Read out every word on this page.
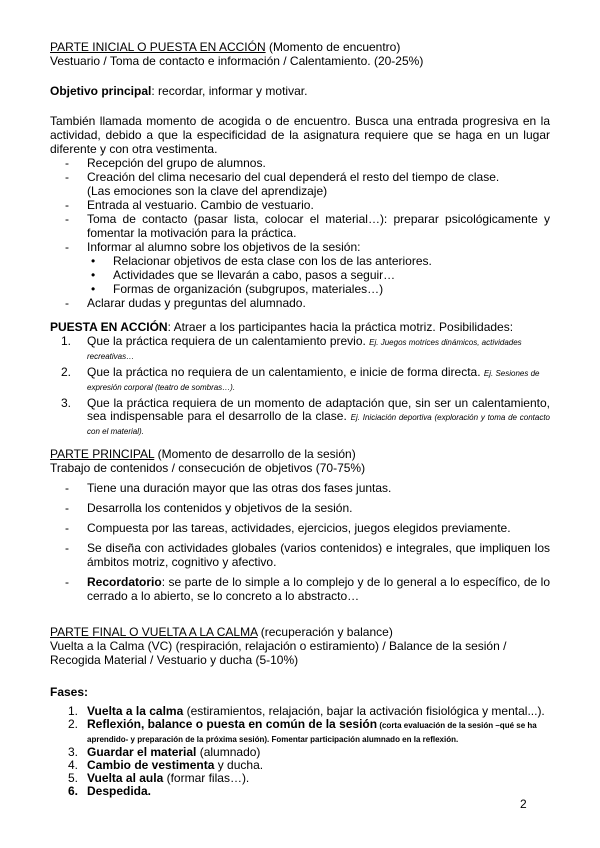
PARTE INICIAL O PUESTA EN ACCIÓN (Momento de encuentro)

Vestuario / Toma de contacto e información / Calentamiento. (20-25%)

Objetivo principal: recordar, informar y motivar.

También llamada momento de acogida o de encuentro. Busca una entrada progresiva en la actividad, debido a que la especificidad de la asignatura requiere que se haga en un lugar diferente y con otra vestimenta.

- Recepción del grupo de alumnos.
- Creación del clima necesario del cual dependerá el resto del tiempo de clase.
(Las emociones son la clave del aprendizaje)
- Entrada al vestuario. Cambio de vestuario.
- Toma de contacto (pasar lista, colocar el material…): preparar psicológicamente y fomentar la motivación para la práctica.
- Informar al alumno sobre los objetivos de la sesión:
• Relacionar objetivos de esta clase con los de las anteriores.
• Actividades que se llevarán a cabo, pasos a seguir…
• Formas de organización (subgrupos, materiales…)
- Aclarar dudas y preguntas del alumnado.

PUESTA EN ACCIÓN: Atraer a los participantes hacia la práctica motriz. Posibilidades:

1. Que la práctica requiera de un calentamiento previo. Ej. Juegos motrices dinámicos, actividades recreativas…
2. Que la práctica no requiera de un calentamiento, e inicie de forma directa. Ej. Sesiones de expresión corporal (teatro de sombras…).
3. Que la práctica requiera de un momento de adaptación que, sin ser un calentamiento, sea indispensable para el desarrollo de la clase. Ej. Iniciación deportiva (exploración y toma de contacto con el material).

PARTE PRINCIPAL (Momento de desarrollo de la sesión)

Trabajo de contenidos / consecución de objetivos (70-75%)

- Tiene una duración mayor que las otras dos fases juntas.
- Desarrolla los contenidos y objetivos de la sesión.
- Compuesta por las tareas, actividades, ejercicios, juegos elegidos previamente.
- Se diseña con actividades globales (varios contenidos) e integrales, que impliquen los ámbitos motriz, cognitivo y afectivo.
- Recordatorio: se parte de lo simple a lo complejo y de lo general a lo específico, de lo cerrado a lo abierto, se lo concreto a lo abstracto…

PARTE FINAL O VUELTA A LA CALMA (recuperación y balance)

Vuelta a la Calma (VC) (respiración, relajación o estiramiento) / Balance de la sesión / Recogida Material / Vestuario y ducha (5-10%)

Fases:

1. Vuelta a la calma (estiramientos, relajación, bajar la activación fisiológica y mental...).
2. Reflexión, balance o puesta en común de la sesión (corta evaluación de la sesión –qué se ha aprendido- y preparación de la próxima sesión). Fomentar participación alumnado en la reflexión.
3. Guardar el material (alumnado)
4. Cambio de vestimenta y ducha.
5. Vuelta al aula (formar filas…).
6. Despedida.
2
